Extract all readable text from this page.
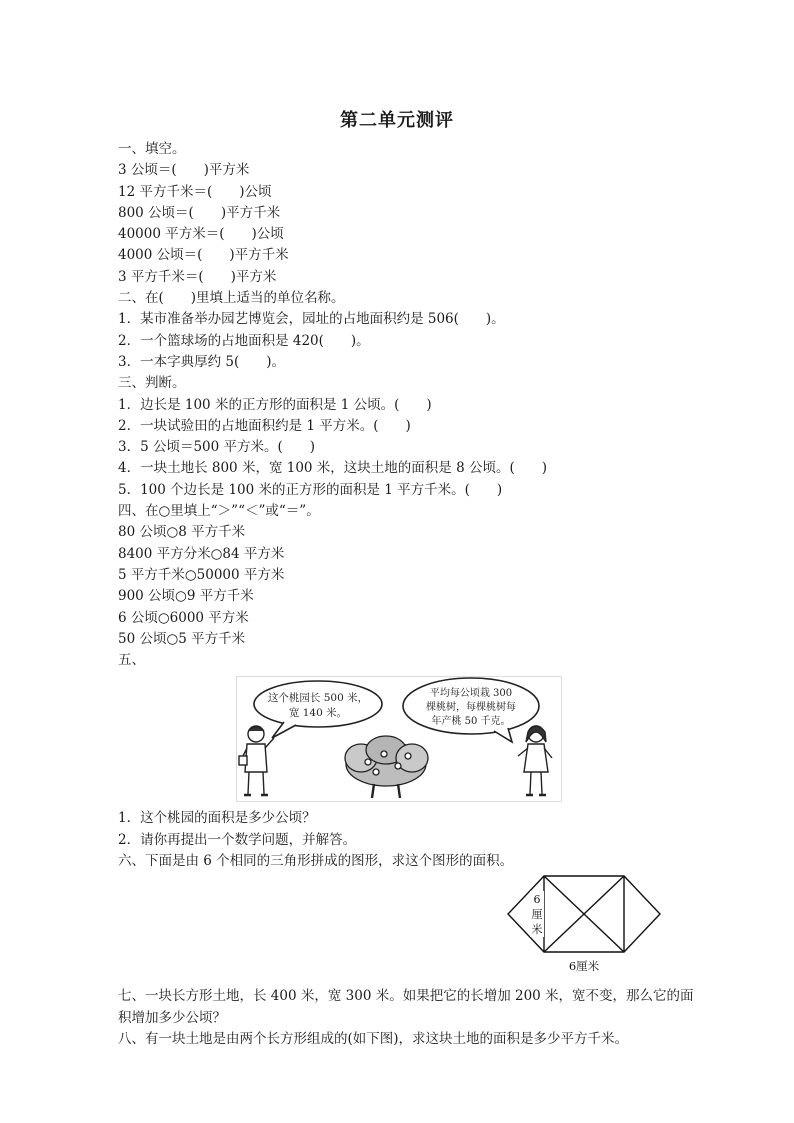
第二单元测评
一、填空。
3 公顷＝(　　)平方米
12 平方千米＝(　　)公顷
800 公顷＝(　　)平方千米
40000 平方米＝(　　)公顷
4000 公顷＝(　　)平方千米
3 平方千米＝(　　)平方米
二、在(　　)里填上适当的单位名称。
1．某市准备举办园艺博览会，园址的占地面积约是 506(　　)。
2．一个篮球场的占地面积是 420(　　)。
3．一本字典厚约 5(　　)。
三、判断。
1．边长是 100 米的正方形的面积是 1 公顷。(　　)
2．一块试验田的占地面积约是 1 平方米。(　　)
3．5 公顷＝500 平方米。(　　)
4．一块土地长 800 米，宽 100 米，这块土地的面积是 8 公顷。(　　)
5．100 个边长是 100 米的正方形的面积是 1 平方千米。(　　)
四、在○里填上“＞”“＜”或“＝”。
80 公顷○8 平方千米
8400 平方分米○84 平方米
5 平方千米○50000 平方米
900 公顷○9 平方千米
6 公顷○6000 平方米
50 公顷○5 平方千米
五、
这个桃园长 500 米，
宽 140 米。
平均每公顷栽 300
棵桃树，每棵桃树每
年产桃 50 千克。
1．这个桃园的面积是多少公顷？
2．请你再提出一个数学问题，并解答。
六、下面是由 6 个相同的三角形拼成的图形，求这个图形的面积。
6
厘
米
6厘米
七、一块长方形土地，长 400 米，宽 300 米。如果把它的长增加 200 米，宽不变，那么它的面积增加多少公顷？
八、有一块土地是由两个长方形组成的(如下图)，求这块土地的面积是多少平方千米。
